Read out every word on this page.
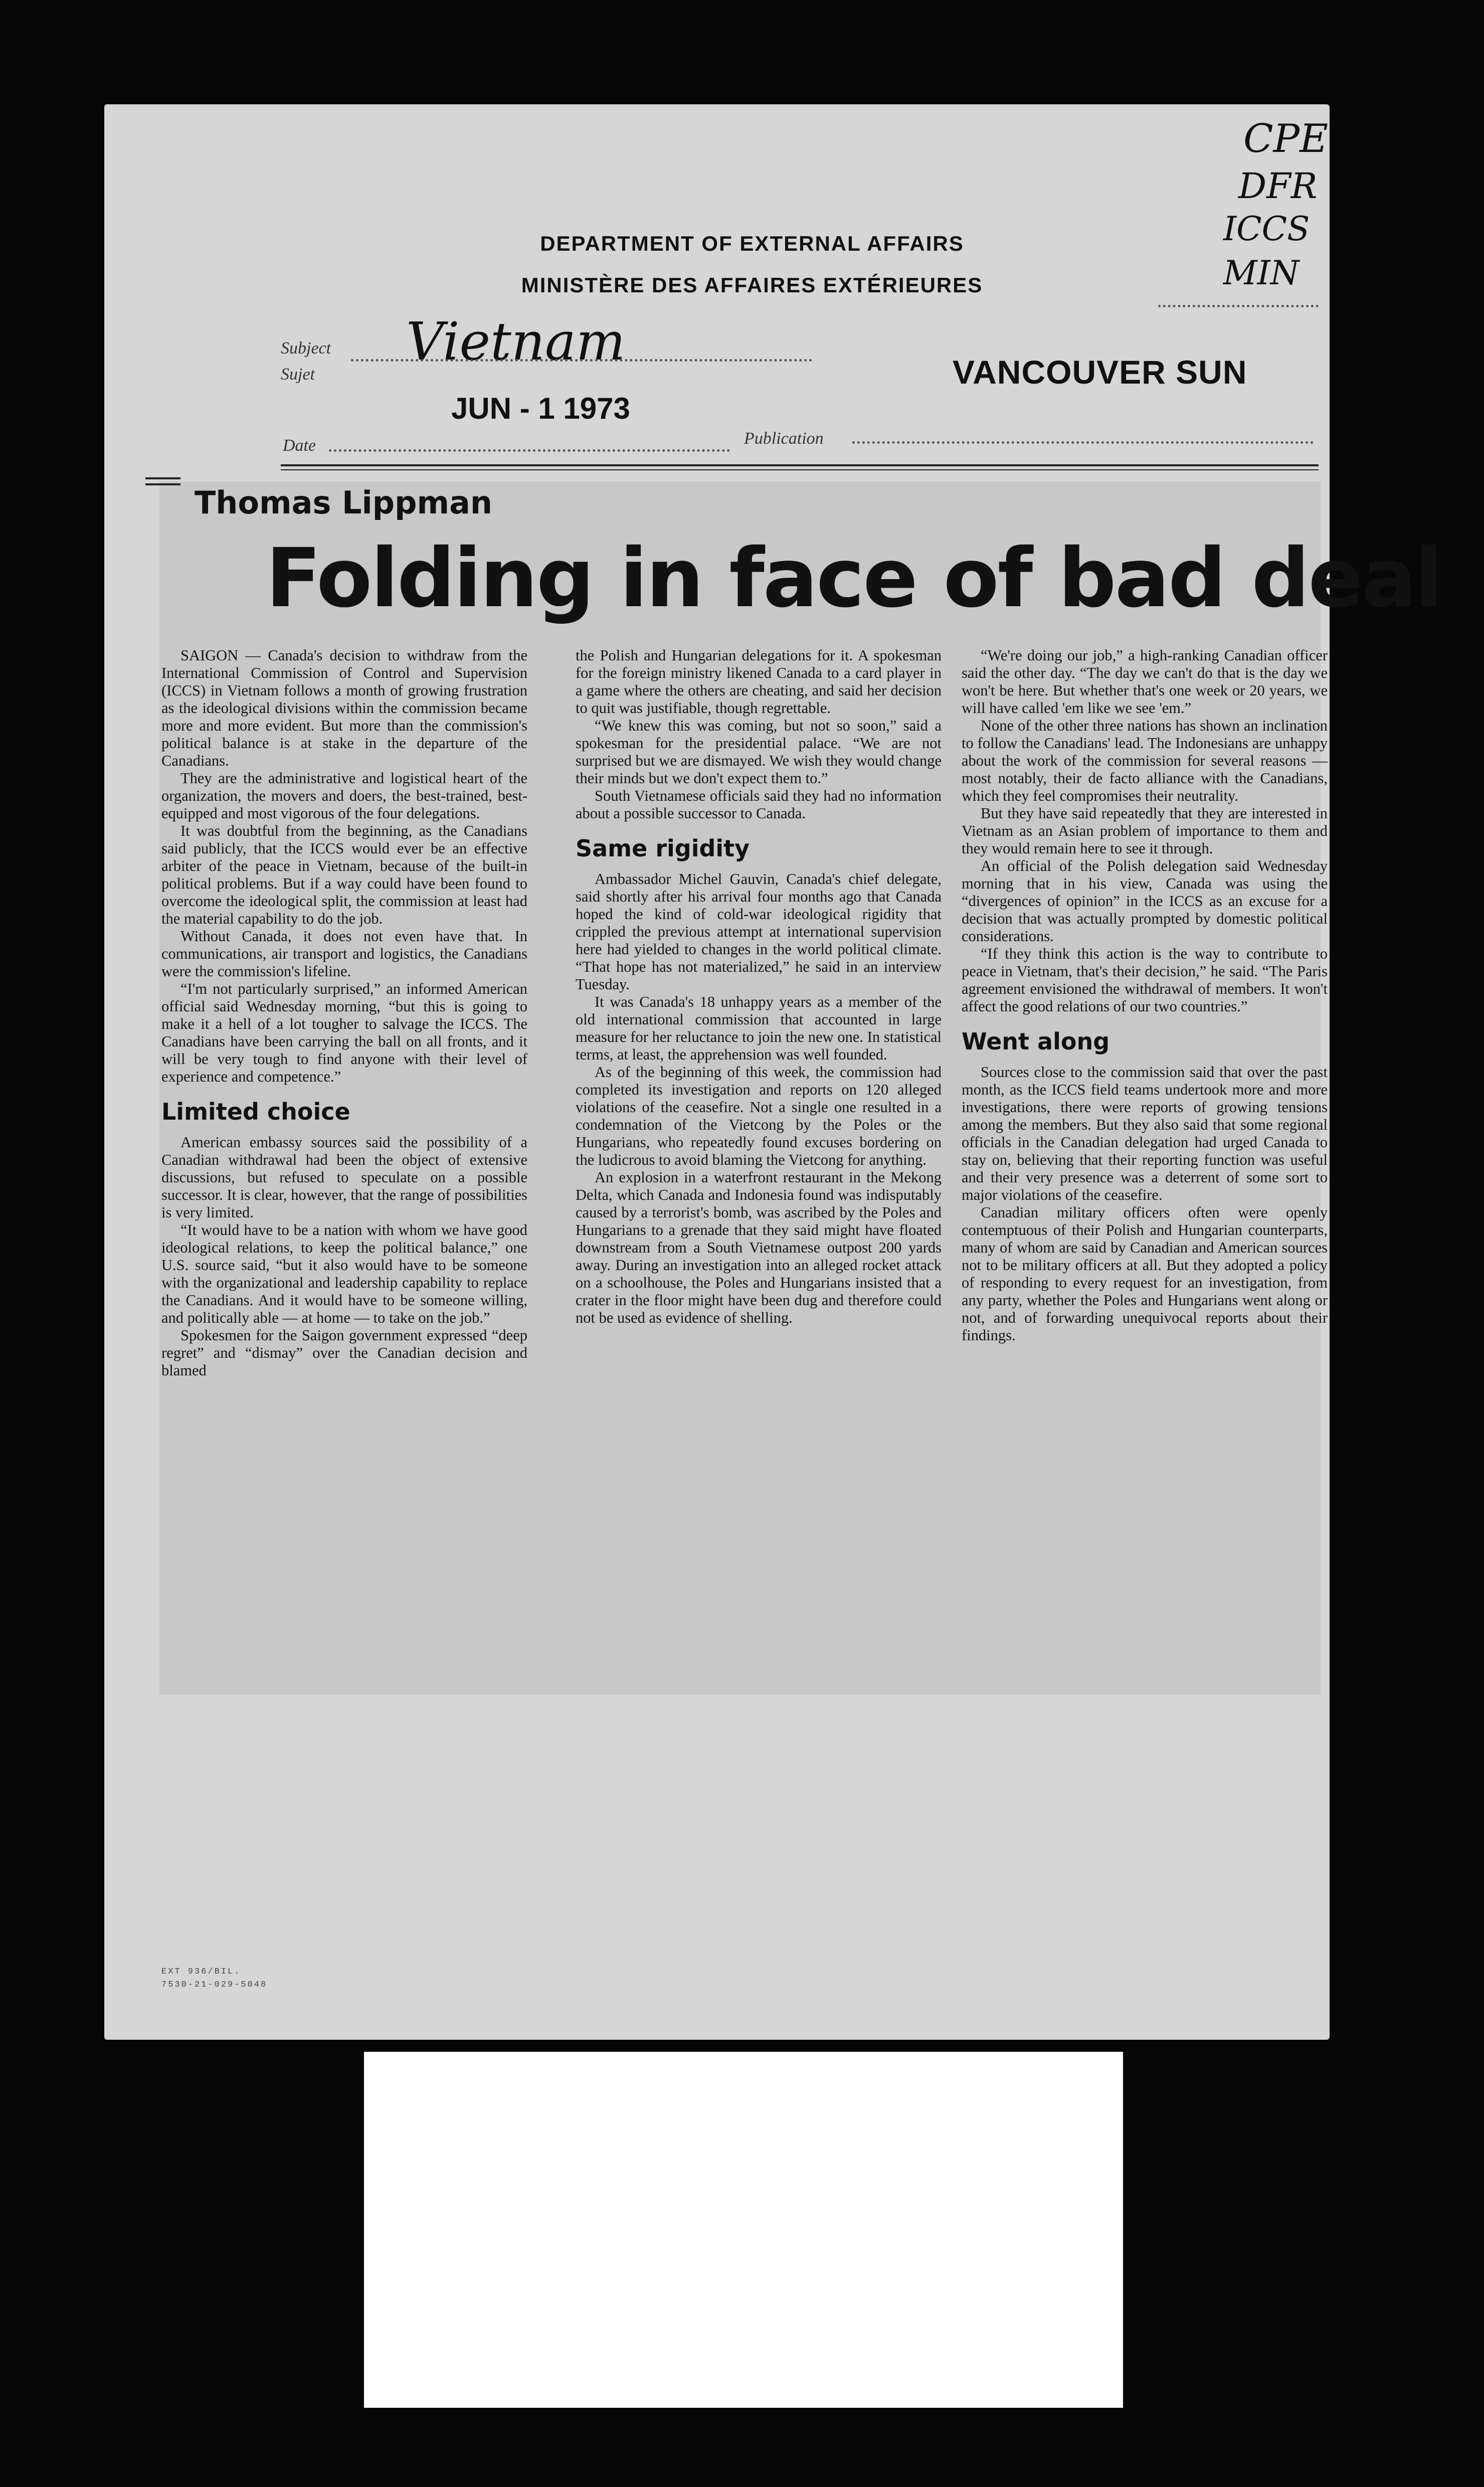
CPE
DFR
ICCS
MIN
DEPARTMENT OF EXTERNAL AFFAIRS
MINISTÈRE DES AFFAIRES EXTÉRIEURES
Subject
Sujet
Vietnam
JUN - 1 1973
Date	Publication
VANCOUVER SUN
Thomas Lippman
Folding in face of bad deal

SAIGON — Canada's decision to withdraw from the International Commission of Control and Supervision (ICCS) in Vietnam follows a month of growing frustration as the ideological divisions within the commission became more and more evident. But more than the commission's political balance is at stake in the departure of the Canadians.

They are the administrative and logistical heart of the organization, the movers and doers, the best-trained, best-equipped and most vigorous of the four delegations.

It was doubtful from the beginning, as the Canadians said publicly, that the ICCS would ever be an effective arbiter of the peace in Vietnam, because of the built-in political problems. But if a way could have been found to overcome the ideological split, the commission at least had the material capability to do the job.

Without Canada, it does not even have that. In communications, air transport and logistics, the Canadians were the commission's lifeline.

“I'm not particularly surprised,” an informed American official said Wednesday morning, “but this is going to make it a hell of a lot tougher to salvage the ICCS. The Canadians have been carrying the ball on all fronts, and it will be very tough to find anyone with their level of experience and competence.”

Limited choice

American embassy sources said the possibility of a Canadian withdrawal had been the object of extensive discussions, but refused to speculate on a possible successor. It is clear, however, that the range of possibilities is very limited.

“It would have to be a nation with whom we have good ideological relations, to keep the political balance,” one U.S. source said, “but it also would have to be someone with the organizational and leadership capability to replace the Canadians. And it would have to be someone willing, and politically able — at home — to take on the job.”

Spokesmen for the Saigon government expressed “deep regret” and “dismay” over the Canadian decision and blamed

the Polish and Hungarian delegations for it. A spokesman for the foreign ministry likened Canada to a card player in a game where the others are cheating, and said her decision to quit was justifiable, though regrettable.

“We knew this was coming, but not so soon,” said a spokesman for the presidential palace. “We are not surprised but we are dismayed. We wish they would change their minds but we don't expect them to.”

South Vietnamese officials said they had no information about a possible successor to Canada.

Same rigidity

Ambassador Michel Gauvin, Canada's chief delegate, said shortly after his arrival four months ago that Canada hoped the kind of cold-war ideological rigidity that crippled the previous attempt at international supervision here had yielded to changes in the world political climate. “That hope has not materialized,” he said in an interview Tuesday.

It was Canada's 18 unhappy years as a member of the old international commission that accounted in large measure for her reluctance to join the new one. In statistical terms, at least, the apprehension was well founded.

As of the beginning of this week, the commission had completed its investigation and reports on 120 alleged violations of the ceasefire. Not a single one resulted in a condemnation of the Vietcong by the Poles or the Hungarians, who repeatedly found excuses bordering on the ludicrous to avoid blaming the Vietcong for anything.

An explosion in a waterfront restaurant in the Mekong Delta, which Canada and Indonesia found was indisputably caused by a terrorist's bomb, was ascribed by the Poles and Hungarians to a grenade that they said might have floated downstream from a South Vietnamese outpost 200 yards away. During an investigation into an alleged rocket attack on a schoolhouse, the Poles and Hungarians insisted that a crater in the floor might have been dug and therefore could not be used as evidence of shelling.

“We're doing our job,” a high-ranking Canadian officer said the other day. “The day we can't do that is the day we won't be here. But whether that's one week or 20 years, we will have called 'em like we see 'em.”

None of the other three nations has shown an inclination to follow the Canadians' lead. The Indonesians are unhappy about the work of the commission for several reasons — most notably, their de facto alliance with the Canadians, which they feel compromises their neutrality.

But they have said repeatedly that they are interested in Vietnam as an Asian problem of importance to them and they would remain here to see it through.

An official of the Polish delegation said Wednesday morning that in his view, Canada was using the “divergences of opinion” in the ICCS as an excuse for a decision that was actually prompted by domestic political considerations.

“If they think this action is the way to contribute to peace in Vietnam, that's their decision,” he said. “The Paris agreement envisioned the withdrawal of members. It won't affect the good relations of our two countries.”

Went along

Sources close to the commission said that over the past month, as the ICCS field teams undertook more and more investigations, there were reports of growing tensions among the members. But they also said that some regional officials in the Canadian delegation had urged Canada to stay on, believing that their reporting function was useful and their very presence was a deterrent of some sort to major violations of the ceasefire.

Canadian military officers often were openly contemptuous of their Polish and Hungarian counterparts, many of whom are said by Canadian and American sources not to be military officers at all. But they adopted a policy of responding to every request for an investigation, from any party, whether the Poles and Hungarians went along or not, and of forwarding unequivocal reports about their findings.

EXT 936/BIL.
7530-21-029-5048
